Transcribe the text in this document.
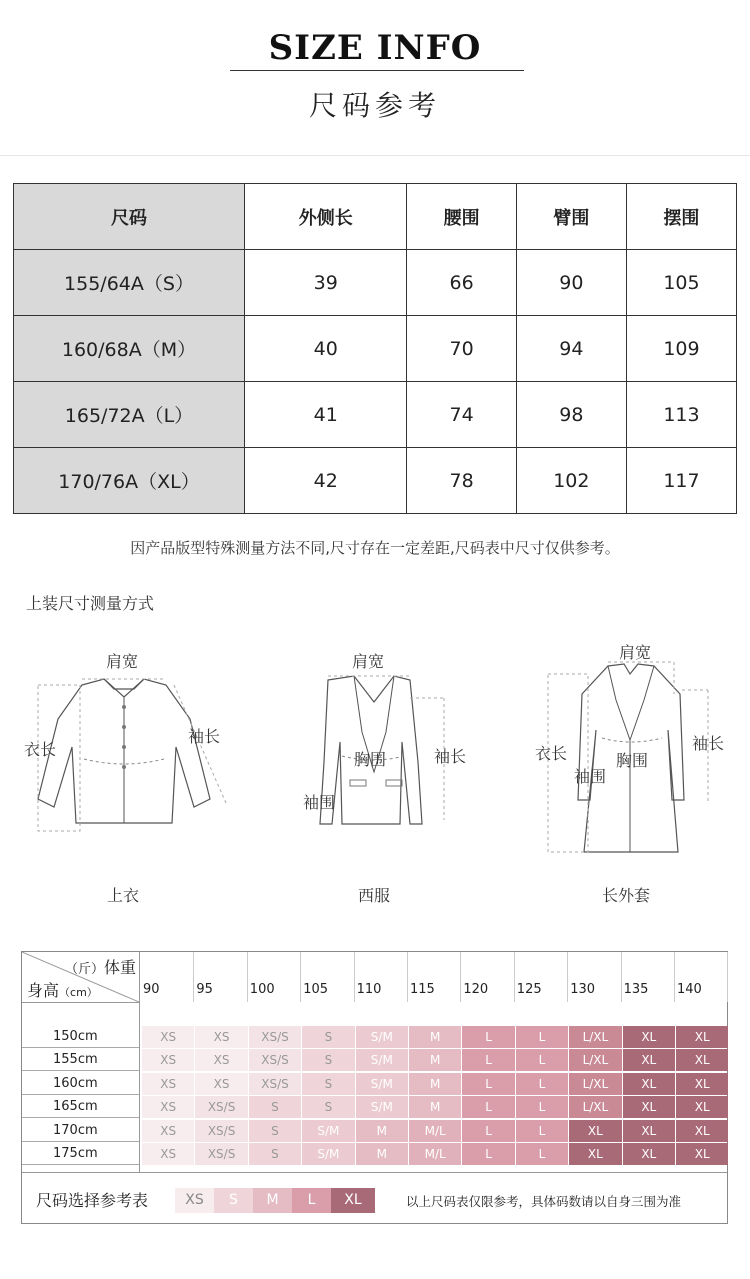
SIZE INFO
尺码参考
尺码	外侧长	腰围	臂围	摆围
155/64A（S）	39	66	90	105
160/68A（M）	40	70	94	109
165/72A（L）	41	74	98	113
170/76A（XL）	42	78	102	117
因产品版型特殊测量方法不同,尺寸存在一定差距,尺码表中尺寸仅供参考。
上装尺寸测量方式
肩宽
衣长
袖长
上衣
肩宽
胸围	袖长
袖围
西服
肩宽
衣长
袖围
胸围
袖长
长外套
（斤）体重
身高（cm）	90	95	100 105 110 115 120 125 130 135 140
150cm	XS	XS	XS/S	S	S/M	M	L	L	L/XL	XL	XL
155cm	XS	XS	XS/S	S	S/M	M	L	L	L/XL	XL	XL
160cm	XS	XS	XS/S	S	S/M	M	L	L	L/XL	XL	XL
165cm	XS	XS/S	S	S	S/M	M	L	L	L/XL	XL	XL
170cm	XS	XS/S	S	S/M	M	M/L	L	L	XL	XL	XL
175cm	XS	XS/S	S	S/M	M	M/L	L	L	XL	XL	XL
尺码选择参考表	XS	S	M	L	XL	以上尺码表仅限参考，具体码数请以自身三围为准
